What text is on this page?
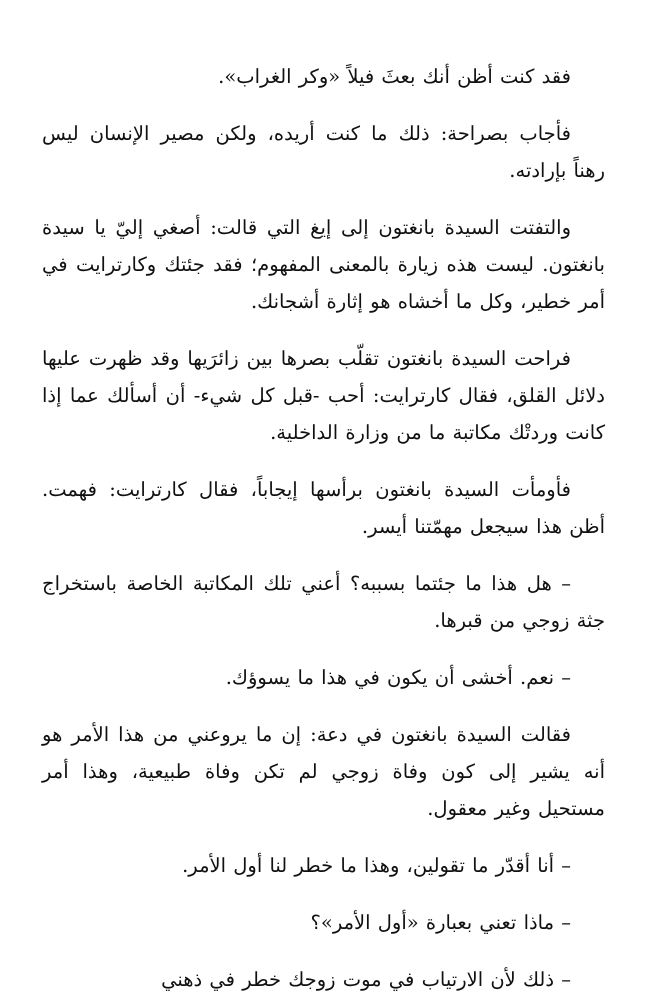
فقد كنت أظن أنك بعثَ فيلاً «وكر الغراب».

فأجاب بصراحة: ذلك ما كنت أريده، ولكن مصير الإنسان ليس رهناً بإرادته.

والتفتت السيدة بانغتون إلى إيغ التي قالت: أصغي إليّ يا سيدة بانغتون. ليست هذه زيارة بالمعنى المفهوم؛ فقد جئتك وكارترايت في أمر خطير، وكل ما أخشاه هو إثارة أشجانك.

فراحت السيدة بانغتون تقلّب بصرها بين زائرَيها وقد ظهرت عليها دلائل القلق، فقال كارترايت: أحب -قبل كل شيء- أن أسألك عما إذا كانت وردتْك مكاتبة ما من وزارة الداخلية.

فأومأت السيدة بانغتون برأسها إيجاباً، فقال كارترايت: فهمت. أظن هذا سيجعل مهمّتنا أيسر.

– هل هذا ما جئتما بسببه؟ أعني تلك المكاتبة الخاصة باستخراج جثة زوجي من قبرها.

– نعم. أخشى أن يكون في هذا ما يسوؤك.

فقالت السيدة بانغتون في دعة: إن ما يروعني من هذا الأمر هو أنه يشير إلى كون وفاة زوجي لم تكن وفاة طبيعية، وهذا أمر مستحيل وغير معقول.

– أنا أقدّر ما تقولين، وهذا ما خطر لنا أول الأمر.

– ماذا تعني بعبارة «أول الأمر»؟

– ذلك لأن الارتياب في موت زوجك خطر في ذهني
